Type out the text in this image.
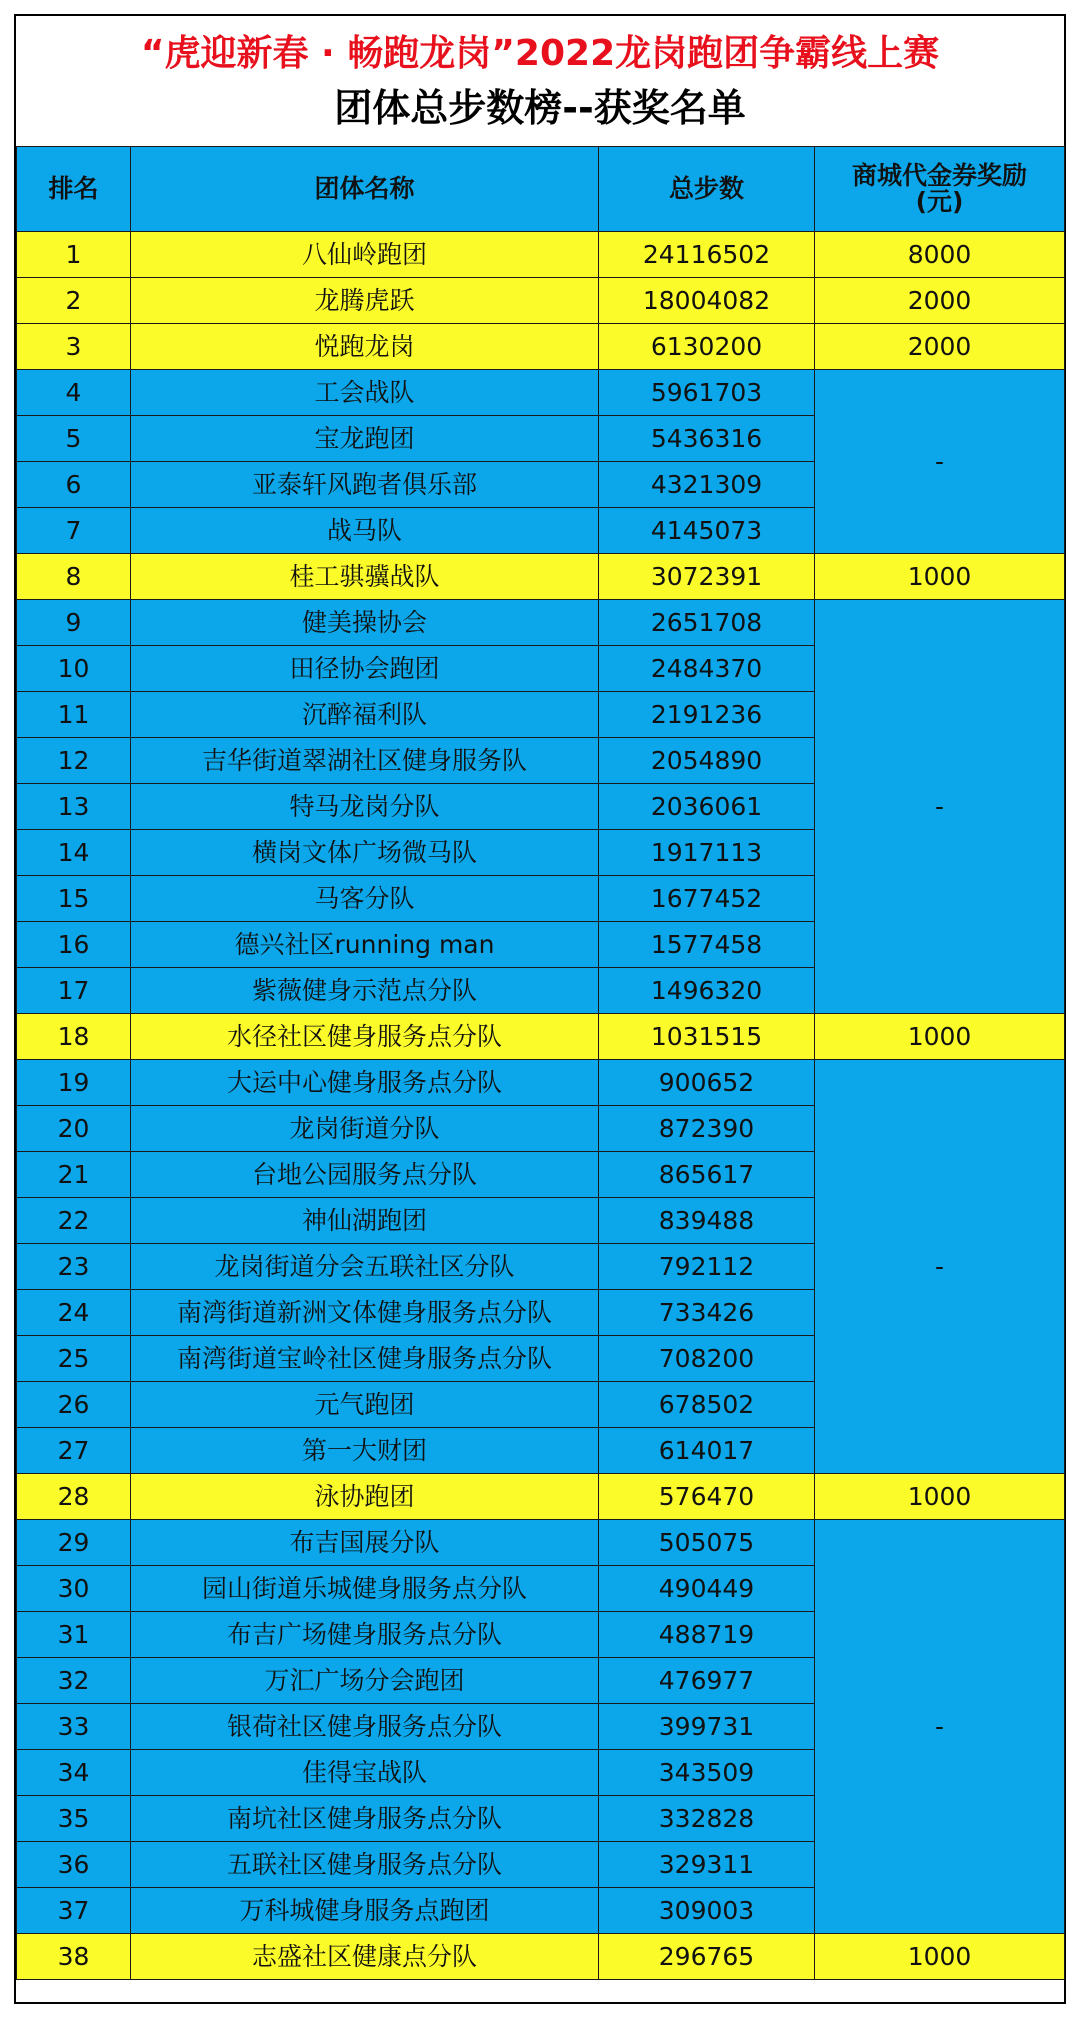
“虎迎新春 · 畅跑龙岗”2022龙岗跑团争霸线上赛
团体总步数榜--获奖名单
排名	团体名称	总步数	商城代金券奖励
(元)
1	八仙岭跑团	24116502	8000
2	龙腾虎跃	18004082	2000
3	悦跑龙岗	6130200	2000
4	工会战队	5961703	-
5	宝龙跑团	5436316	
6	亚泰轩风跑者俱乐部	4321309	
7	战马队	4145073	
8	桂工骐骥战队	3072391	1000
9	健美操协会	2651708	-
10	田径协会跑团	2484370	
11	沉醉福利队	2191236	
12	吉华街道翠湖社区健身服务队	2054890	
13	特马龙岗分队	2036061	
14	横岗文体广场微马队	1917113	
15	马客分队	1677452	
16	德兴社区running man	1577458	
17	紫薇健身示范点分队	1496320	
18	水径社区健身服务点分队	1031515	1000
19	大运中心健身服务点分队	900652	-
20	龙岗街道分队	872390	
21	台地公园服务点分队	865617	
22	神仙湖跑团	839488	
23	龙岗街道分会五联社区分队	792112	
24	南湾街道新洲文体健身服务点分队	733426	
25	南湾街道宝岭社区健身服务点分队	708200	
26	元气跑团	678502	
27	第一大财团	614017	
28	泳协跑团	576470	1000
29	布吉国展分队	505075	-
30	园山街道乐城健身服务点分队	490449	
31	布吉广场健身服务点分队	488719	
32	万汇广场分会跑团	476977	
33	银荷社区健身服务点分队	399731	
34	佳得宝战队	343509	
35	南坑社区健身服务点分队	332828	
36	五联社区健身服务点分队	329311	
37	万科城健身服务点跑团	309003	
38	志盛社区健康点分队	296765	1000
